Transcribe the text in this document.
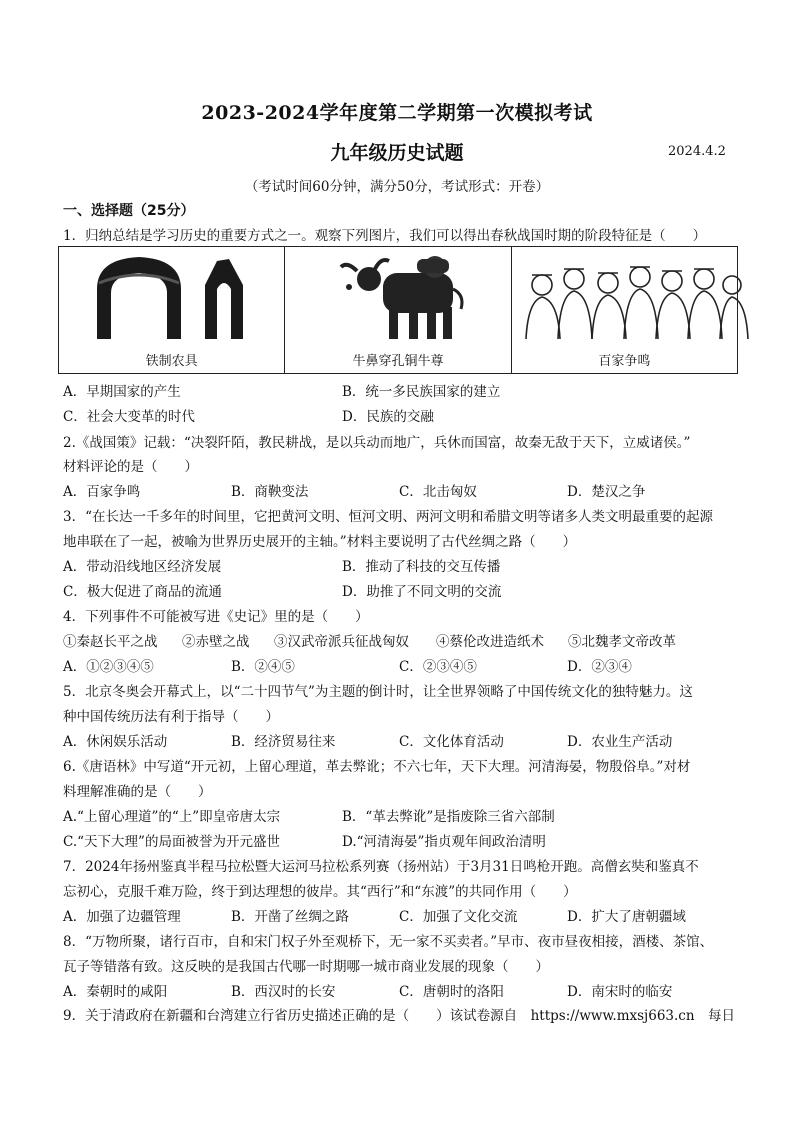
2023-2024学年度第二学期第一次模拟考试
九年级历史试题	2024.4.2
（考试时间60分钟，满分50分，考试形式：开卷）
一、选择题（25分）
1．归纳总结是学习历史的重要方式之一。观察下列图片，我们可以得出春秋战国时期的阶段特征是（　　）
铁制农具	牛鼻穿孔铜牛尊	百家争鸣
A．早期国家的产生	B．统一多民族国家的建立
C．社会大变革的时代	D．民族的交融
2.《战国策》记载：“决裂阡陌，教民耕战，是以兵动而地广，兵休而国富，故秦无敌于天下，立威诸侯。”
材料评论的是（　　）
A．百家争鸣	B．商鞅变法	C．北击匈奴	D．楚汉之争
3．“在长达一千多年的时间里，它把黄河文明、恒河文明、两河文明和希腊文明等诸多人类文明最重要的起源
地串联在了一起，被喻为世界历史展开的主轴。”材料主要说明了古代丝绸之路（　　）
A．带动沿线地区经济发展	B．推动了科技的交互传播
C．极大促进了商品的流通	D．助推了不同文明的交流
4．下列事件不可能被写进《史记》里的是（　　）
①秦赵长平之战 ②赤壁之战 ③汉武帝派兵征战匈奴 ④蔡伦改进造纸术 ⑤北魏孝文帝改革
A．①②③④⑤	B．②④⑤	C．②③④⑤	D．②③④
5．北京冬奥会开幕式上，以“二十四节气”为主题的倒计时，让全世界领略了中国传统文化的独特魅力。这
种中国传统历法有利于指导（　　）
A．休闲娱乐活动	B．经济贸易往来	C．文化体育活动	D．农业生产活动
6.《唐语林》中写道“开元初，上留心理道，革去弊讹；不六七年，天下大理。河清海晏，物殷俗阜。”对材
料理解准确的是（　　）
A.“上留心理道”的“上”即皇帝唐太宗	B．“革去弊讹”是指废除三省六部制
C.“天下大理”的局面被誉为开元盛世	D.“河清海晏”指贞观年间政治清明
7．2024年扬州鉴真半程马拉松暨大运河马拉松系列赛（扬州站）于3月31日鸣枪开跑。高僧玄奘和鉴真不
忘初心，克服千难万险，终于到达理想的彼岸。其“西行”和“东渡”的共同作用（　　）
A．加强了边疆管理	B．开凿了丝绸之路	C．加强了文化交流	D．扩大了唐朝疆域
8．“万物所聚，诸行百市，自和宋门权子外至观桥下，无一家不买卖者。”早市、夜市昼夜相接，酒楼、茶馆、
瓦子等错落有致。这反映的是我国古代哪一时期哪一城市商业发展的现象（　　）
A．秦朝时的咸阳	B．西汉时的长安	C．唐朝时的洛阳	D．南宋时的临安
9．关于清政府在新疆和台湾建立行省历史描述正确的是（　　）该试卷源自　https://www.mxsj663.cn　每日
